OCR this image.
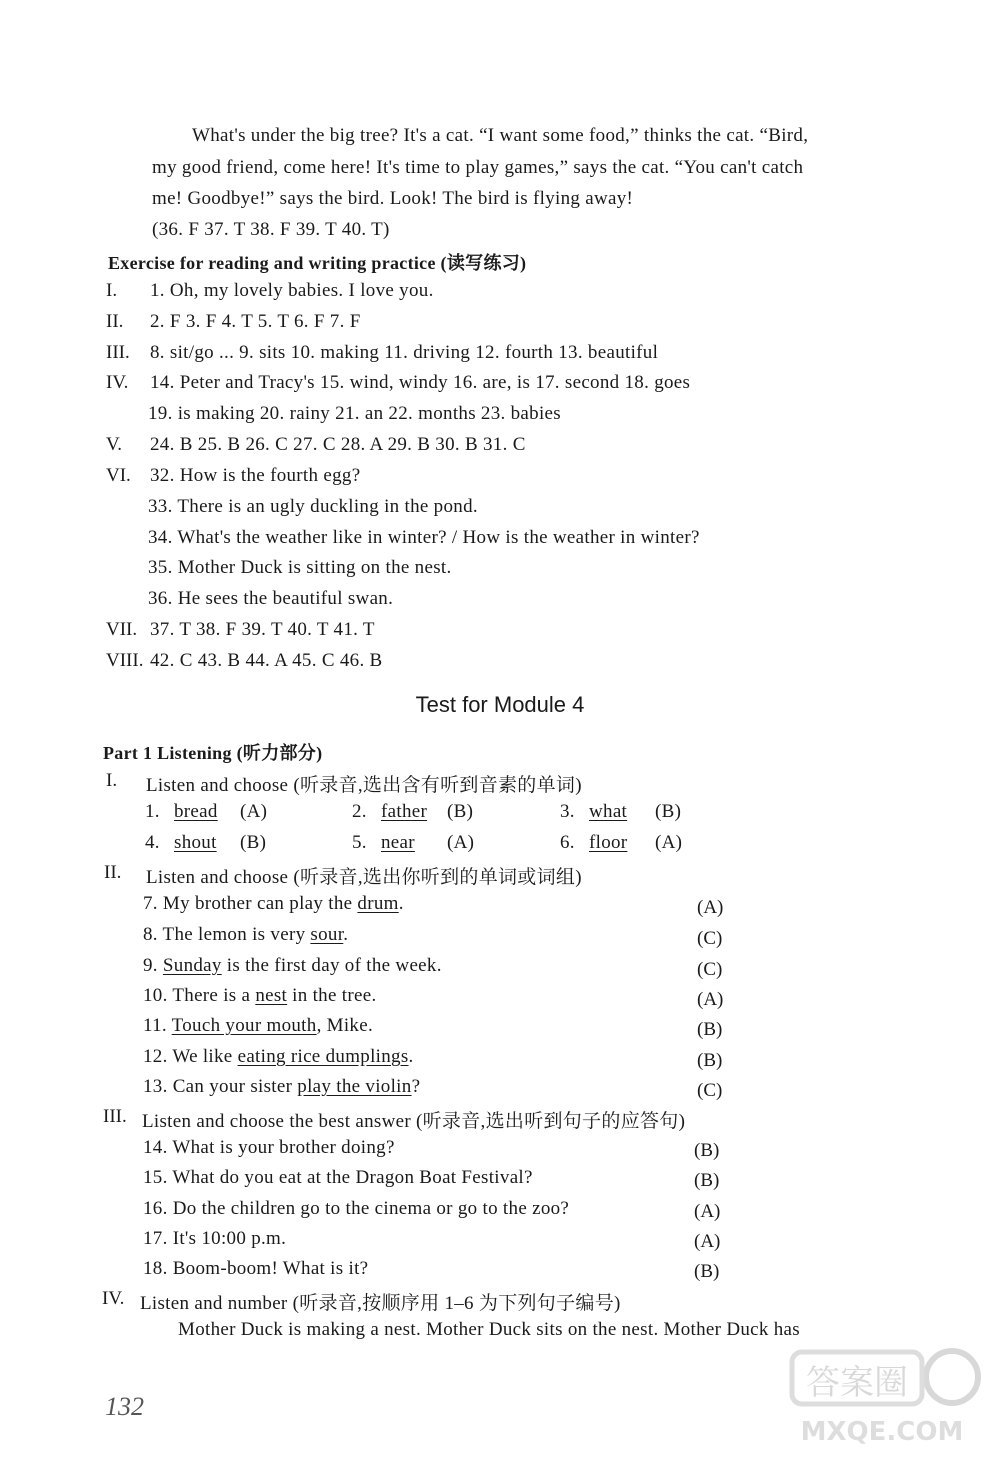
What's under the big tree? It's a cat. “I want some food,” thinks the cat. “Bird,
my good friend, come here! It's time to play games,” says the cat. “You can't catch
me! Goodbye!” says the bird. Look! The bird is flying away!
(36. F 37. T 38. F 39. T 40. T)
Exercise for reading and writing practice (读写练习)
I. 1. Oh, my lovely babies. I love you.
II. 2. F 3. F 4. T 5. T 6. F 7. F
III. 8. sit/go ... 9. sits 10. making 11. driving 12. fourth 13. beautiful
IV. 14. Peter and Tracy's 15. wind, windy 16. are, is 17. second 18. goes
19. is making 20. rainy 21. an 22. months 23. babies
V. 24. B 25. B 26. C 27. C 28. A 29. B 30. B 31. C
VI. 32. How is the fourth egg?
33. There is an ugly duckling in the pond.
34. What's the weather like in winter? / How is the weather in winter?
35. Mother Duck is sitting on the nest.
36. He sees the beautiful swan.
VII. 37. T 38. F 39. T 40. T 41. T
VIII. 42. C 43. B 44. A 45. C 46. B
Test for Module 4
Part 1 Listening (听力部分)
I. Listen and choose (听录音,选出含有听到音素的单词)
1. bread (A)	2. father (B)	3. what (B)
4. shout (B)	5. near (A)	6. floor (A)
II. Listen and choose (听录音,选出你听到的单词或词组)
7. My brother can play the drum.	(A)
8. The lemon is very sour.	(C)
9. Sunday is the first day of the week.	(C)
10. There is a nest in the tree.	(A)
11. Touch your mouth, Mike.	(B)
12. We like eating rice dumplings.	(B)
13. Can your sister play the violin?	(C)
III. Listen and choose the best answer (听录音,选出听到句子的应答句)
14. What is your brother doing?	(B)
15. What do you eat at the Dragon Boat Festival?	(B)
16. Do the children go to the cinema or go to the zoo?	(A)
17. It's 10:00 p.m.	(A)
18. Boom-boom! What is it?	(B)
IV. Listen and number (听录音,按顺序用 1–6 为下列句子编号)
Mother Duck is making a nest. Mother Duck sits on the nest. Mother Duck has
132
答案圈
MXQE.COM
